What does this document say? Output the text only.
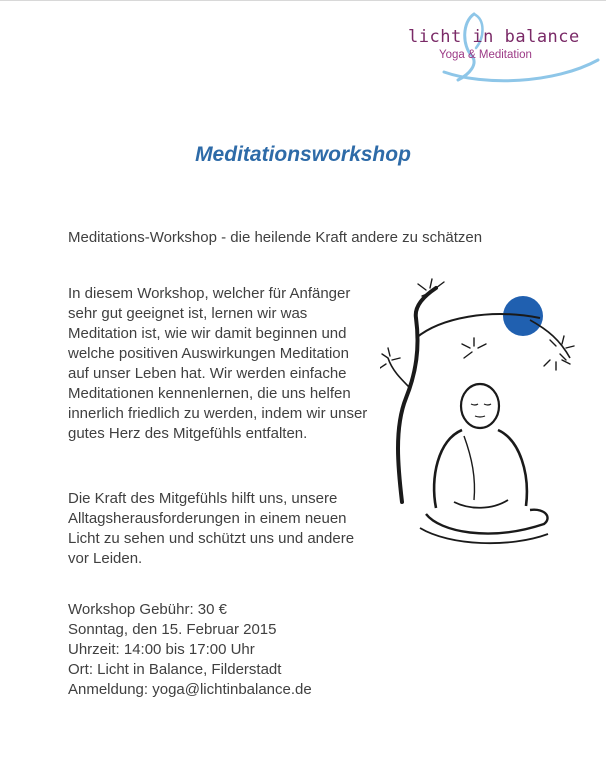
licht in balance
Yoga & Meditation
Meditationsworkshop
Meditations-Workshop - die heilende Kraft andere zu schätzen

In diesem Workshop, welcher für Anfänger sehr gut geeignet ist, lernen wir was Meditation ist, wie wir damit beginnen und welche positiven Auswirkungen Meditation auf unser Leben hat. Wir werden einfache Meditationen kennenlernen, die uns helfen innerlich friedlich zu werden, indem wir unser gutes Herz des Mitgefühls entfalten.

Die Kraft des Mitgefühls hilft uns, unsere Alltagsherausforderungen in einem neuen Licht zu sehen und schützt uns und andere vor Leiden.

Workshop Gebühr: 30 €
Sonntag, den 15. Februar 2015
Uhrzeit: 14:00 bis 17:00 Uhr
Ort: Licht in Balance, Filderstadt
Anmeldung: yoga@lichtinbalance.de
